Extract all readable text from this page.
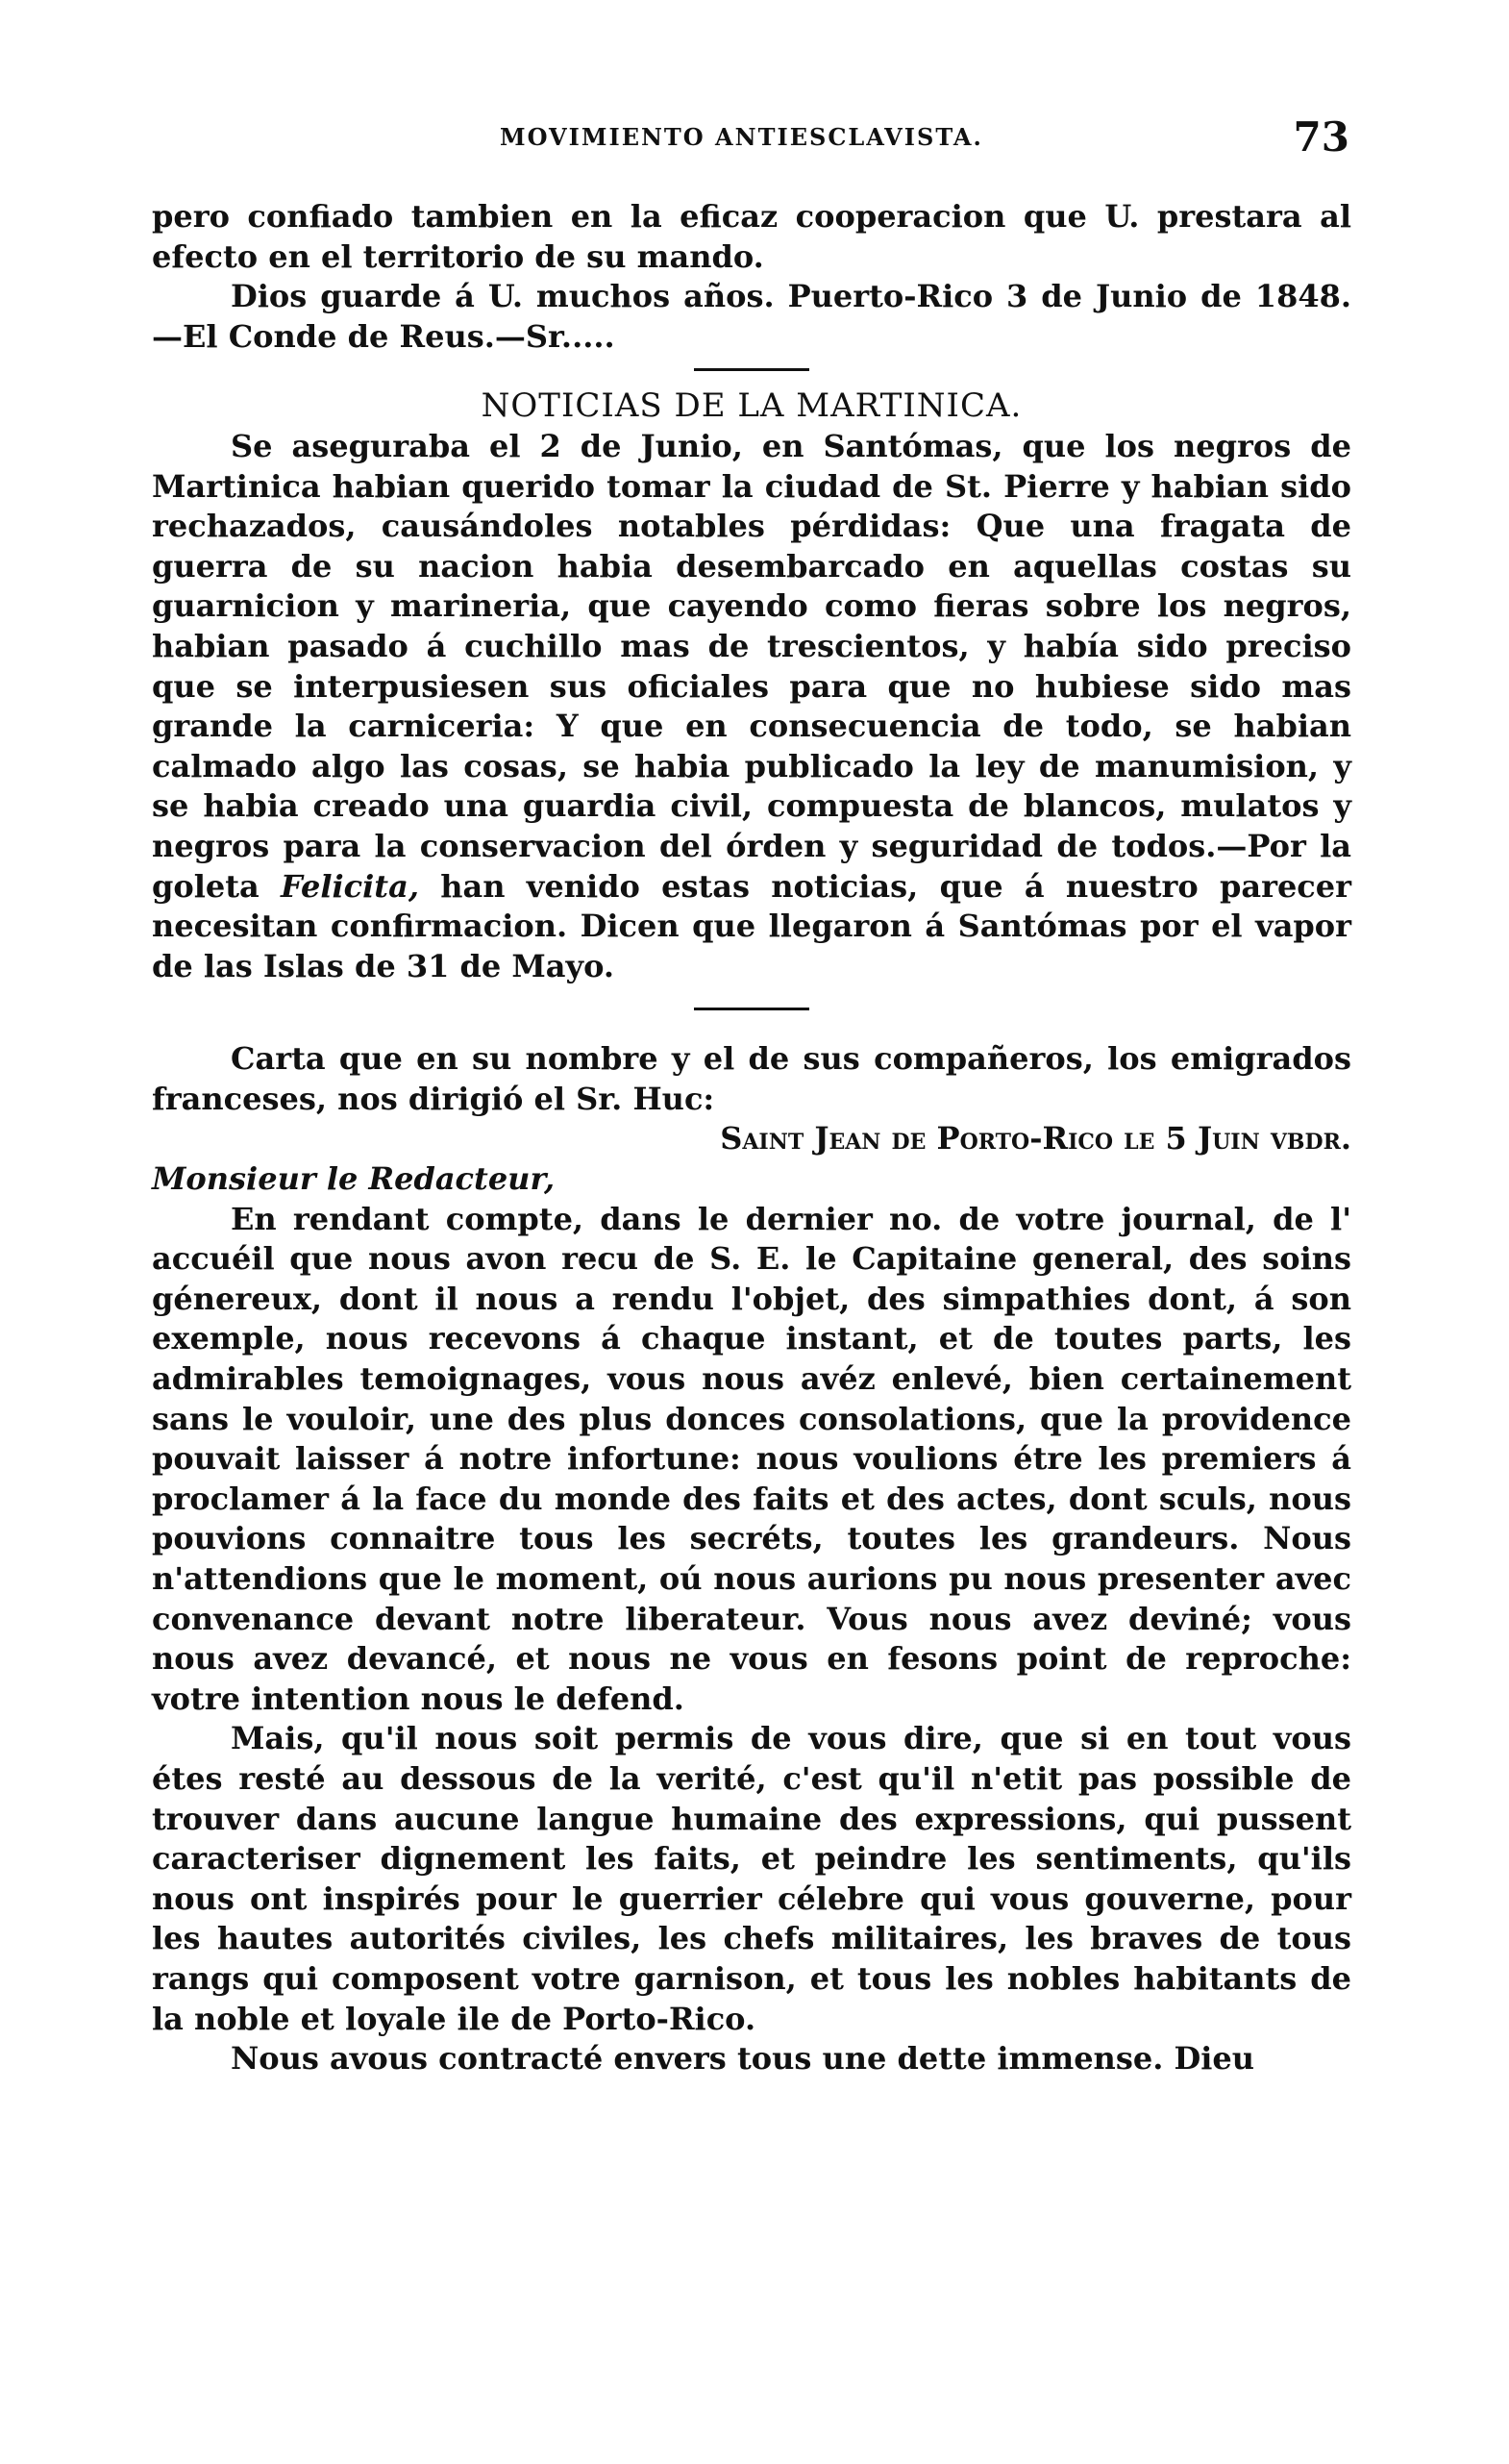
MOVIMIENTO ANTIESCLAVISTA.	73

pero confiado tambien en la eficaz cooperacion que U. prestara al efecto en el territorio de su mando.

Dios guarde á U. muchos años. Puerto-Rico 3 de Junio de 1848.—El Conde de Reus.—Sr.....

NOTICIAS DE LA MARTINICA.

Se aseguraba el 2 de Junio, en Santómas, que los negros de Martinica habian querido tomar la ciudad de St. Pierre y habian sido rechazados, causándoles notables pérdidas: Que una fragata de guerra de su nacion habia desembarcado en aquellas costas su guarnicion y marineria, que cayendo como fieras sobre los negros, habian pasado á cuchillo mas de trescientos, y había sido preciso que se interpusiesen sus oficiales para que no hubiese sido mas grande la carniceria: Y que en consecuencia de todo, se habian calmado algo las cosas, se habia publicado la ley de manumision, y se habia creado una guardia civil, compuesta de blancos, mulatos y negros para la conservacion del órden y seguridad de todos.—Por la goleta Felicita, han venido estas noticias, que á nuestro parecer necesitan confirmacion. Dicen que llegaron á Santómas por el vapor de las Islas de 31 de Mayo.

Carta que en su nombre y el de sus compañeros, los emigrados franceses, nos dirigió el Sr. Huc:

Saint Jean de Porto-Rico le 5 Juin vbdr.

Monsieur le Redacteur,

En rendant compte, dans le dernier no. de votre journal, de l' accuéil que nous avon recu de S. E. le Capitaine general, des soins génereux, dont il nous a rendu l'objet, des simpathies dont, á son exemple, nous recevons á chaque instant, et de toutes parts, les admirables temoignages, vous nous avéz enlevé, bien certainement sans le vouloir, une des plus donces consolations, que la providence pouvait laisser á notre infortune: nous voulions étre les premiers á proclamer á la face du monde des faits et des actes, dont sculs, nous pouvions connaitre tous les secréts, toutes les grandeurs. Nous n'attendions que le moment, oú nous aurions pu nous presenter avec convenance devant notre liberateur. Vous nous avez deviné; vous nous avez devancé, et nous ne vous en fesons point de reproche: votre intention nous le defend.

Mais, qu'il nous soit permis de vous dire, que si en tout vous étes resté au dessous de la verité, c'est qu'il n'etit pas possible de trouver dans aucune langue humaine des expressions, qui pussent caracteriser dignement les faits, et peindre les sentiments, qu'ils nous ont inspirés pour le guerrier célebre qui vous gouverne, pour les hautes autorités civiles, les chefs militaires, les braves de tous rangs qui composent votre garnison, et tous les nobles habitants de la noble et loyale ile de Porto-Rico.

Nous avous contracté envers tous une dette immense. Dieu
